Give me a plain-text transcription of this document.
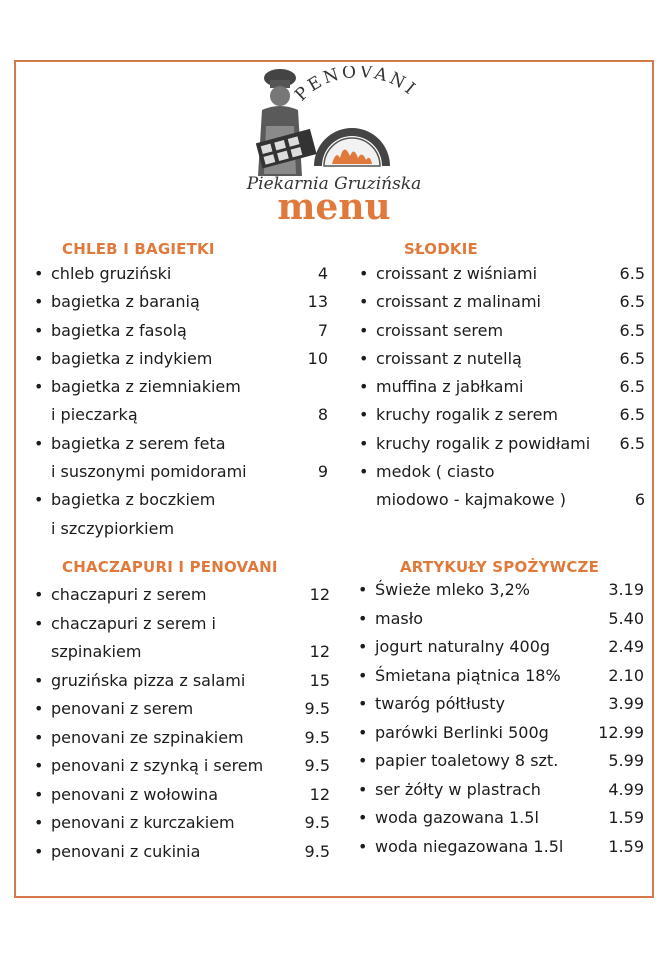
PENOVANI
Piekarnia Gruzińska
menu
CHLEB I BAGIETKI	SŁODKIE
CHACZAPURI I PENOVANI	ARTYKUŁY SPOŻYWCZE
• chleb gruziński	4
• bagietka z baranią	13
• bagietka z fasolą	7
• bagietka z indykiem	10
• bagietka z ziemniakiem
i pieczarką	8
• bagietka z serem feta
i suszonymi pomidorami	9
• bagietka z boczkiem
i szczypiorkiem
• croissant z wiśniami	6.5
• croissant z malinami	6.5
• croissant serem	6.5
• croissant z nutellą	6.5
• muffina z jabłkami	6.5
• kruchy rogalik z serem	6.5
• kruchy rogalik z powidłami	6.5
• medok ( ciasto
miodowo - kajmakowe )	6
• chaczapuri z serem	12
• chaczapuri z serem i
szpinakiem	12
• gruzińska pizza z salami	15
• penovani z serem	9.5
• penovani ze szpinakiem	9.5
• penovani z szynką i serem	9.5
• penovani z wołowina	12
• penovani z kurczakiem	9.5
• penovani z cukinia	9.5
• Świeże mleko 3,2%	3.19
• masło	5.40
• jogurt naturalny 400g	2.49
• Śmietana piątnica 18%	2.10
• twaróg półtłusty	3.99
• parówki Berlinki 500g	12.99
• papier toaletowy 8 szt.	5.99
• ser żółty w plastrach	4.99
• woda gazowana 1.5l	1.59
• woda niegazowana 1.5l	1.59
